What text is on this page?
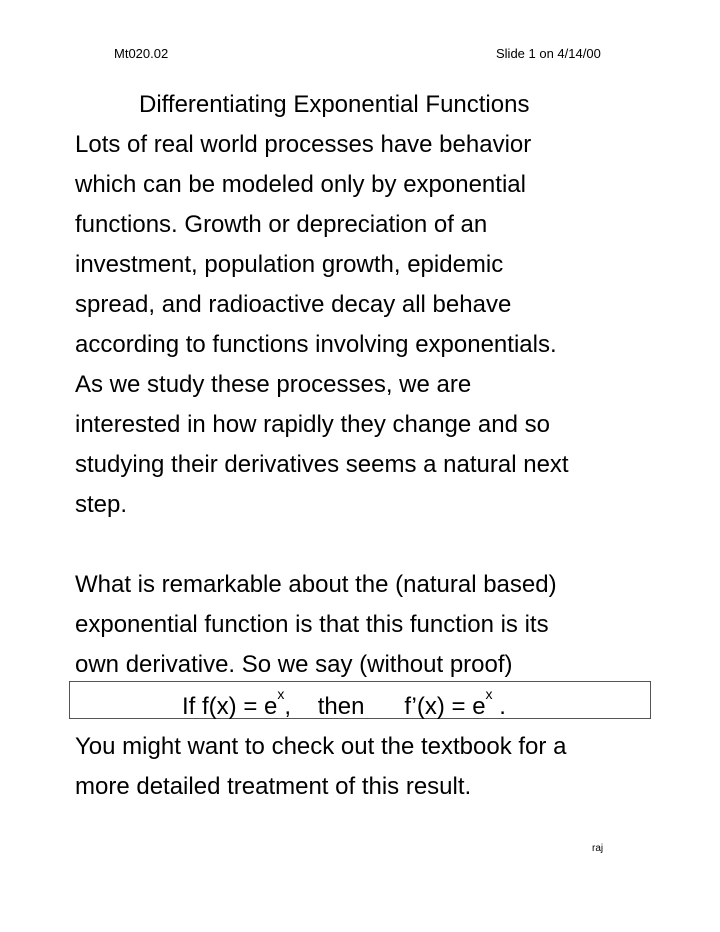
Mt020.02	Slide 1 on 4/14/00
Differentiating Exponential Functions
Lots of real world processes have behavior
which can be modeled only by exponential
functions. Growth or depreciation of an
investment, population growth, epidemic
spread, and radioactive decay all behave
according to functions involving exponentials.
As we study these processes, we are
interested in how rapidly they change and so
studying their derivatives seems a natural next
step.
What is remarkable about the (natural based)
exponential function is that this function is its
own derivative. So we say (without proof)
If $f(x) = e^x$,    then      f’(x) = $e^x$ .
You might want to check out the textbook for a
more detailed treatment of this result.
raj
